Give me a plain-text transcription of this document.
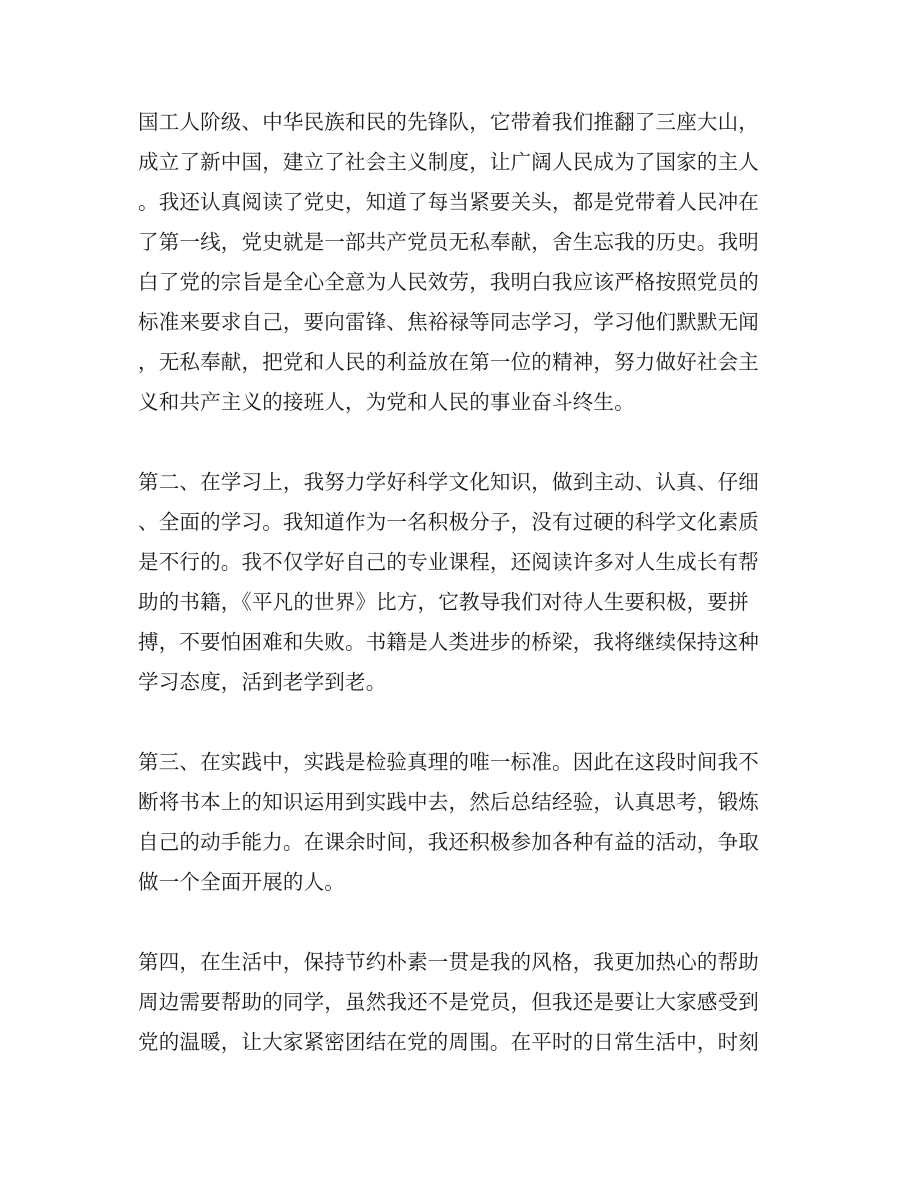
国工人阶级、中华民族和民的先锋队，它带着我们推翻了三座大山，
成立了新中国，建立了社会主义制度，让广阔人民成为了国家的主人
。我还认真阅读了党史，知道了每当紧要关头，都是党带着人民冲在
了第一线，党史就是一部共产党员无私奉献，舍生忘我的历史。我明
白了党的宗旨是全心全意为人民效劳，我明白我应该严格按照党员的
标准来要求自己，要向雷锋、焦裕禄等同志学习，学习他们默默无闻
，无私奉献，把党和人民的利益放在第一位的精神，努力做好社会主
义和共产主义的接班人，为党和人民的事业奋斗终生。

第二、在学习上，我努力学好科学文化知识，做到主动、认真、仔细
、全面的学习。我知道作为一名积极分子，没有过硬的科学文化素质
是不行的。我不仅学好自己的专业课程，还阅读许多对人生成长有帮
助的书籍，《平凡的世界》比方，它教导我们对待人生要积极，要拼
搏，不要怕困难和失败。书籍是人类进步的桥梁，我将继续保持这种
学习态度，活到老学到老。

第三、在实践中，实践是检验真理的唯一标准。因此在这段时间我不
断将书本上的知识运用到实践中去，然后总结经验，认真思考，锻炼
自己的动手能力。在课余时间，我还积极参加各种有益的活动，争取
做一个全面开展的人。

第四，在生活中，保持节约朴素一贯是我的风格，我更加热心的帮助
周边需要帮助的同学，虽然我还不是党员，但我还是要让大家感受到
党的温暖，让大家紧密团结在党的周围。在平时的日常生活中，时刻
